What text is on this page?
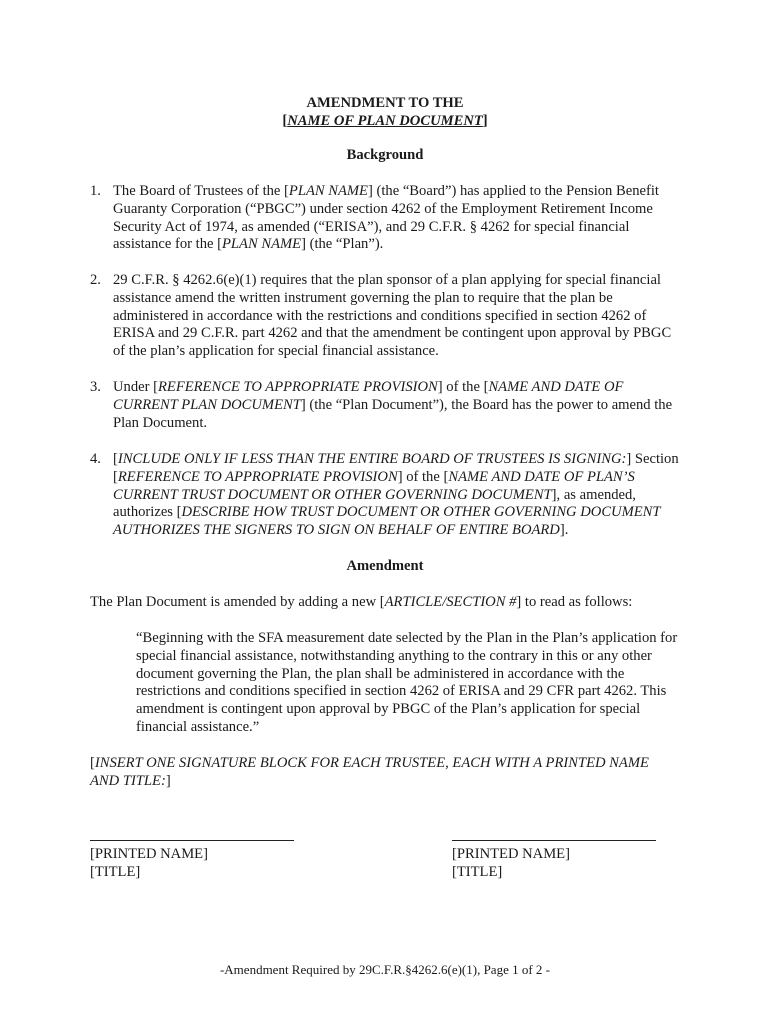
AMENDMENT TO THE
[NAME OF PLAN DOCUMENT]
Background
1. The Board of Trustees of the [PLAN NAME] (the “Board”) has applied to the Pension Benefit Guaranty Corporation (“PBGC”) under section 4262 of the Employment Retirement Income Security Act of 1974, as amended (“ERISA”), and 29 C.F.R. § 4262 for special financial assistance for the [PLAN NAME] (the “Plan”).
2. 29 C.F.R. § 4262.6(e)(1) requires that the plan sponsor of a plan applying for special financial assistance amend the written instrument governing the plan to require that the plan be administered in accordance with the restrictions and conditions specified in section 4262 of ERISA and 29 C.F.R. part 4262 and that the amendment be contingent upon approval by PBGC of the plan’s application for special financial assistance.
3. Under [REFERENCE TO APPROPRIATE PROVISION] of the [NAME AND DATE OF CURRENT PLAN DOCUMENT] (the “Plan Document”), the Board has the power to amend the Plan Document.
4. [INCLUDE ONLY IF LESS THAN THE ENTIRE BOARD OF TRUSTEES IS SIGNING:] Section [REFERENCE TO APPROPRIATE PROVISION] of the [NAME AND DATE OF PLAN’S CURRENT TRUST DOCUMENT OR OTHER GOVERNING DOCUMENT], as amended, authorizes [DESCRIBE HOW TRUST DOCUMENT OR OTHER GOVERNING DOCUMENT AUTHORIZES THE SIGNERS TO SIGN ON BEHALF OF ENTIRE BOARD].
Amendment
The Plan Document is amended by adding a new [ARTICLE/SECTION #] to read as follows:
“Beginning with the SFA measurement date selected by the Plan in the Plan’s application for special financial assistance, notwithstanding anything to the contrary in this or any other document governing the Plan, the plan shall be administered in accordance with the restrictions and conditions specified in section 4262 of ERISA and 29 CFR part 4262. This amendment is contingent upon approval by PBGC of the Plan’s application for special financial assistance.”
[INSERT ONE SIGNATURE BLOCK FOR EACH TRUSTEE, EACH WITH A PRINTED NAME AND TITLE:]
[PRINTED NAME]
[TITLE]
[PRINTED NAME]
[TITLE]
-Amendment Required by 29C.F.R.§4262.6(e)(1), Page 1 of 2 -
